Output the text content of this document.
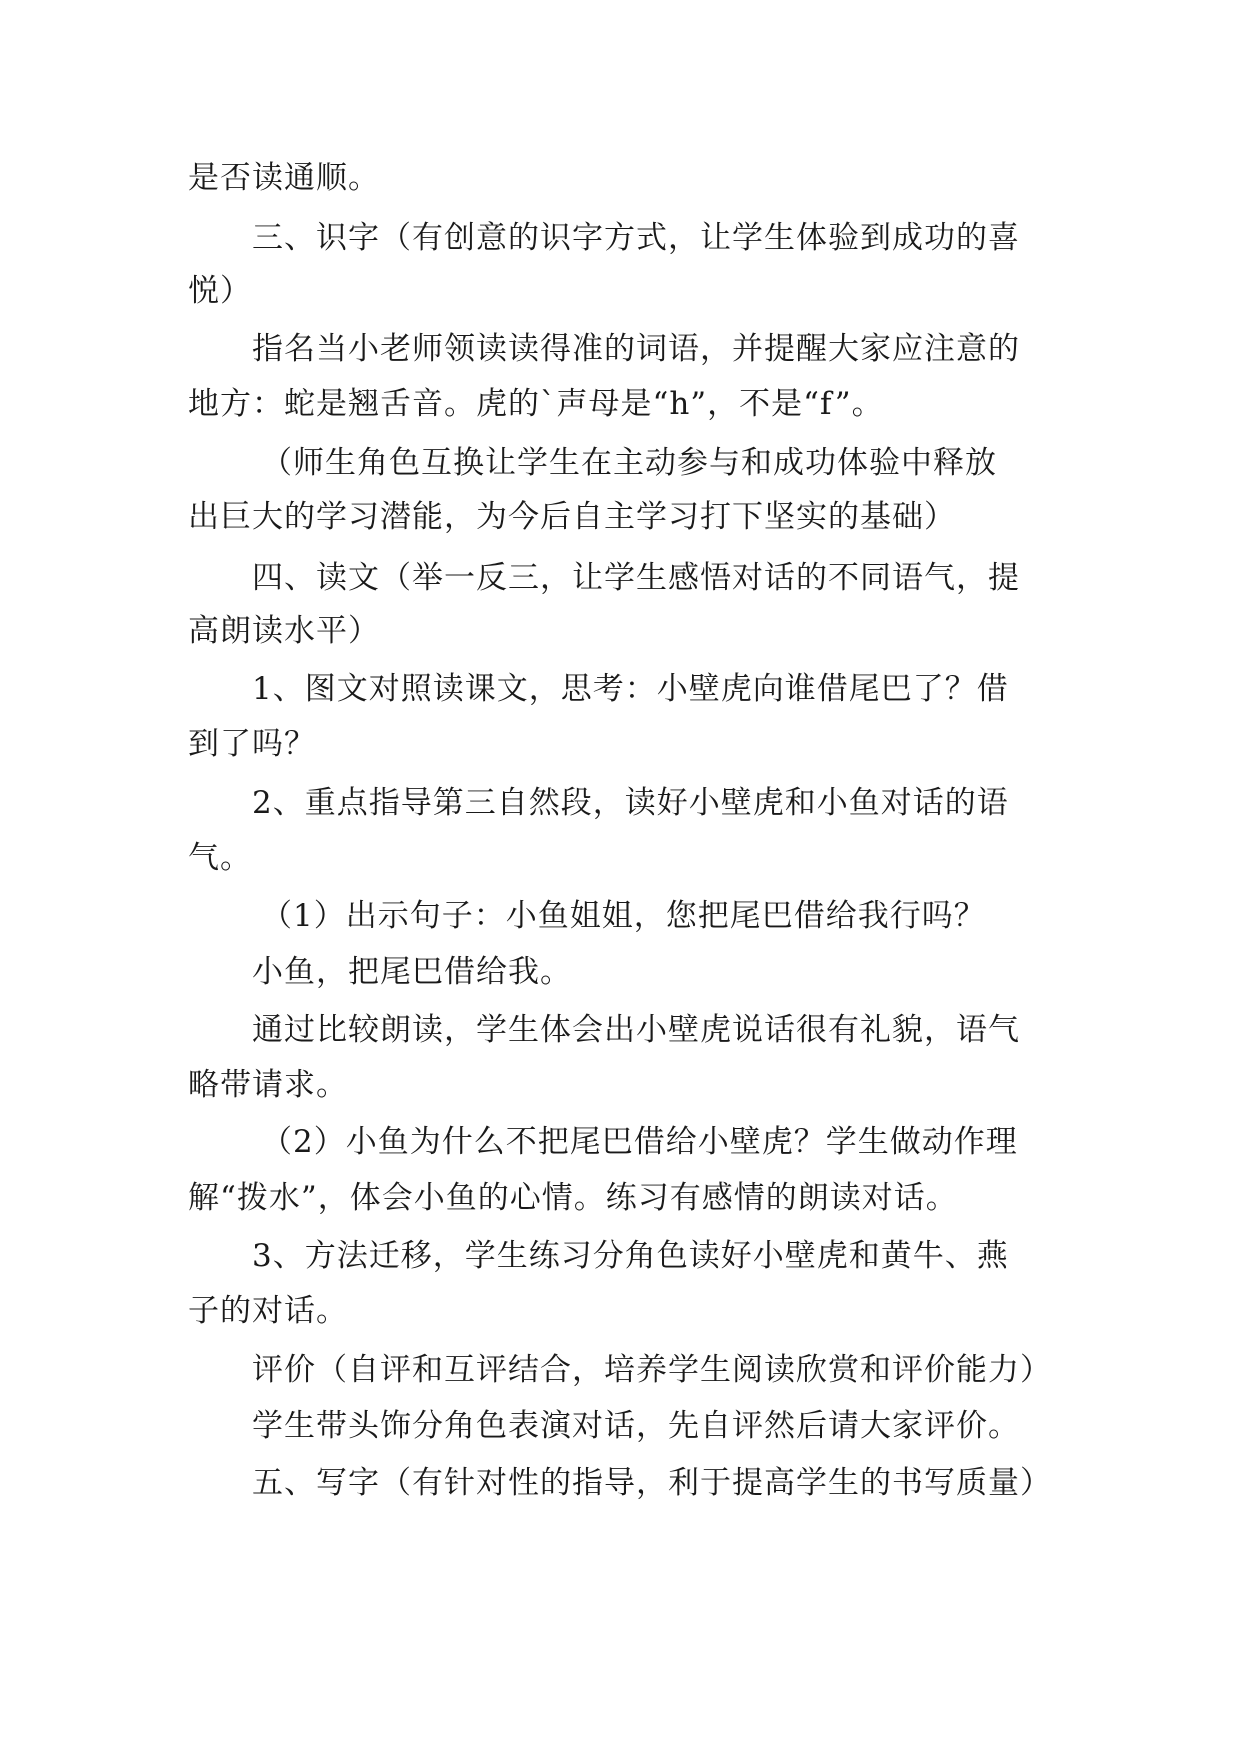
是否读通顺。

三、识字（有创意的识字方式，让学生体验到成功的喜

悦）

指名当小老师领读读得准的词语，并提醒大家应注意的

地方：蛇是翘舌音。虎的`声母是“h”，不是“f”。

（师生角色互换让学生在主动参与和成功体验中释放

出巨大的学习潜能，为今后自主学习打下坚实的基础）

四、读文（举一反三，让学生感悟对话的不同语气，提

高朗读水平）

1、图文对照读课文，思考：小壁虎向谁借尾巴了？借

到了吗？

2、重点指导第三自然段，读好小壁虎和小鱼对话的语

气。

（1）出示句子：小鱼姐姐，您把尾巴借给我行吗？

小鱼，把尾巴借给我。

通过比较朗读，学生体会出小壁虎说话很有礼貌，语气

略带请求。

（2）小鱼为什么不把尾巴借给小壁虎？学生做动作理

解“拨水”，体会小鱼的心情。练习有感情的朗读对话。

3、方法迁移，学生练习分角色读好小壁虎和黄牛、燕

子的对话。

评价（自评和互评结合，培养学生阅读欣赏和评价能力）

学生带头饰分角色表演对话，先自评然后请大家评价。

五、写字（有针对性的指导，利于提高学生的书写质量）
